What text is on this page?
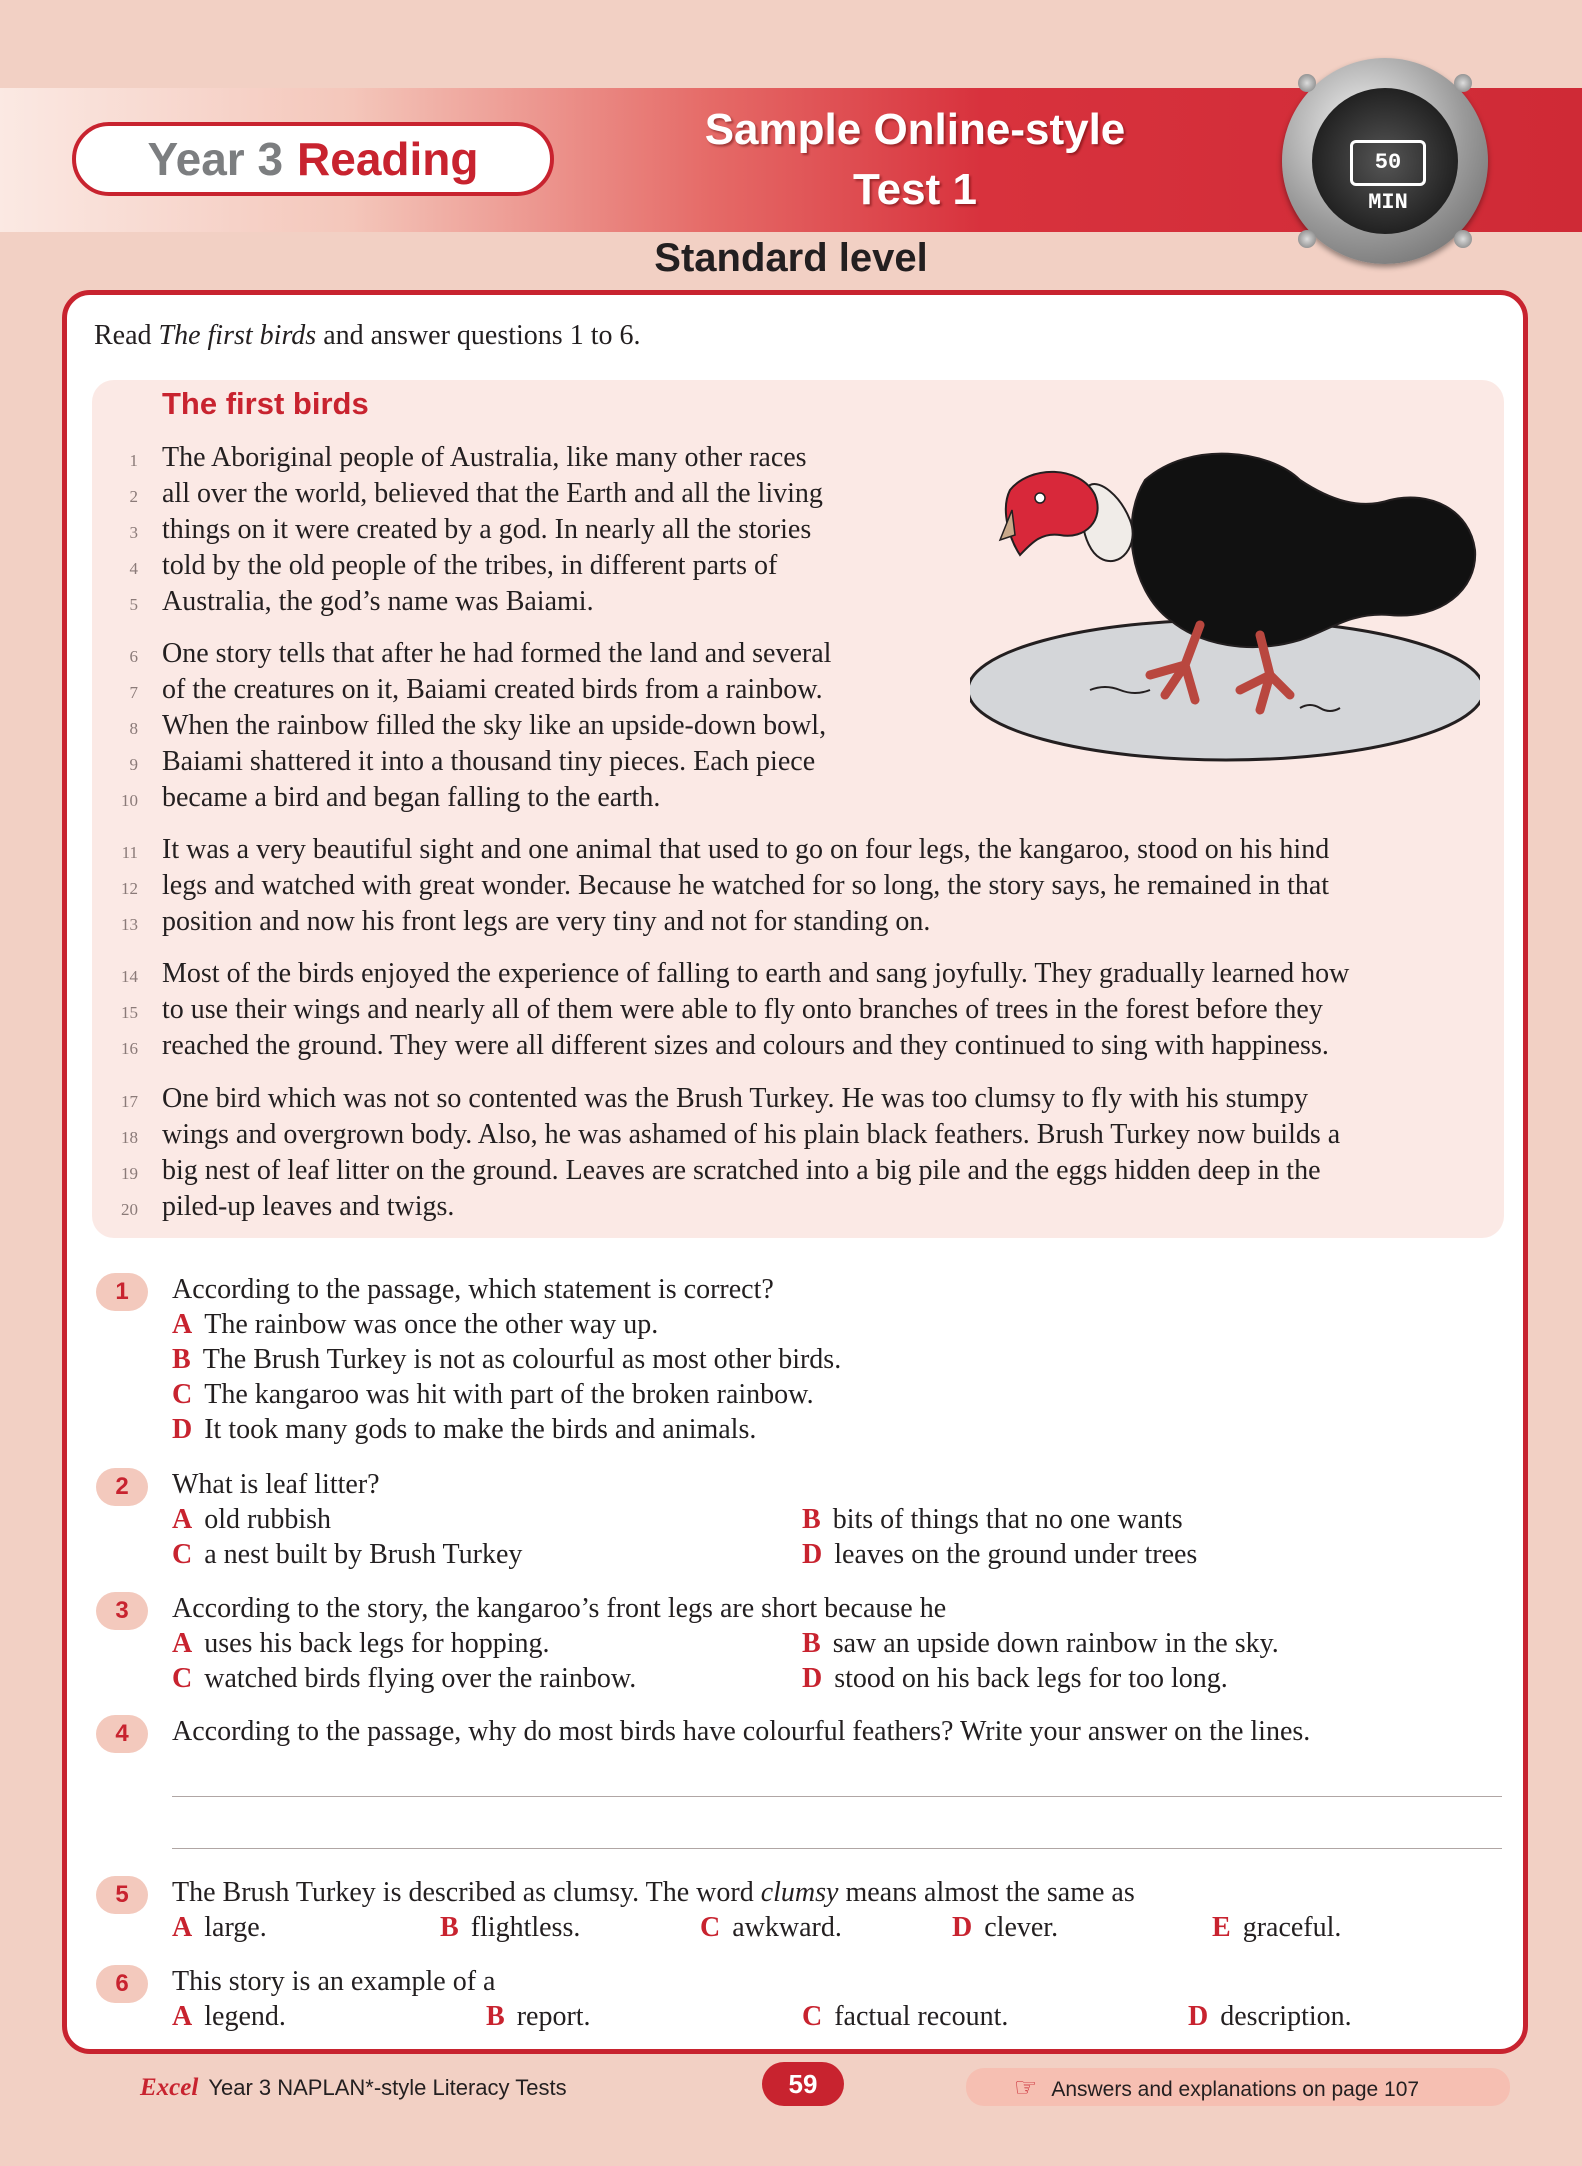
Year 3 Reading
Sample Online-style
Test 1
50 MIN
Standard level
Read The first birds and answer questions 1 to 6.
The first birds
1 The Aboriginal people of Australia, like many other races
2 all over the world, believed that the Earth and all the living
3 things on it were created by a god. In nearly all the stories
4 told by the old people of the tribes, in different parts of
5 Australia, the god’s name was Baiami.
6 One story tells that after he had formed the land and several
7 of the creatures on it, Baiami created birds from a rainbow.
8 When the rainbow filled the sky like an upside-down bowl,
9 Baiami shattered it into a thousand tiny pieces. Each piece
10 became a bird and began falling to the earth.
11 It was a very beautiful sight and one animal that used to go on four legs, the kangaroo, stood on his hind
12 legs and watched with great wonder. Because he watched for so long, the story says, he remained in that
13 position and now his front legs are very tiny and not for standing on.
14 Most of the birds enjoyed the experience of falling to earth and sang joyfully. They gradually learned how
15 to use their wings and nearly all of them were able to fly onto branches of trees in the forest before they
16 reached the ground. They were all different sizes and colours and they continued to sing with happiness.
17 One bird which was not so contented was the Brush Turkey. He was too clumsy to fly with his stumpy
18 wings and overgrown body. Also, he was ashamed of his plain black feathers. Brush Turkey now builds a
19 big nest of leaf litter on the ground. Leaves are scratched into a big pile and the eggs hidden deep in the
20 piled-up leaves and twigs.
1	According to the passage, which statement is correct?
A The rainbow was once the other way up.
B The Brush Turkey is not as colourful as most other birds.
C The kangaroo was hit with part of the broken rainbow.
D It took many gods to make the birds and animals.
2	What is leaf litter?
A old rubbish	B bits of things that no one wants
C a nest built by Brush Turkey	D leaves on the ground under trees
3	According to the story, the kangaroo’s front legs are short because he
A uses his back legs for hopping.	B saw an upside down rainbow in the sky.
C watched birds flying over the rainbow.	D stood on his back legs for too long.
4	According to the passage, why do most birds have colourful feathers? Write your answer on the lines.
5	The Brush Turkey is described as clumsy. The word clumsy means almost the same as
A large.	B flightless.	C awkward.	D clever.	E graceful.
6	This story is an example of a
A legend.	B report.	C factual recount.	D description.
Excel Year 3 NAPLAN*-style Literacy Tests	59	☞ Answers and explanations on page 107
